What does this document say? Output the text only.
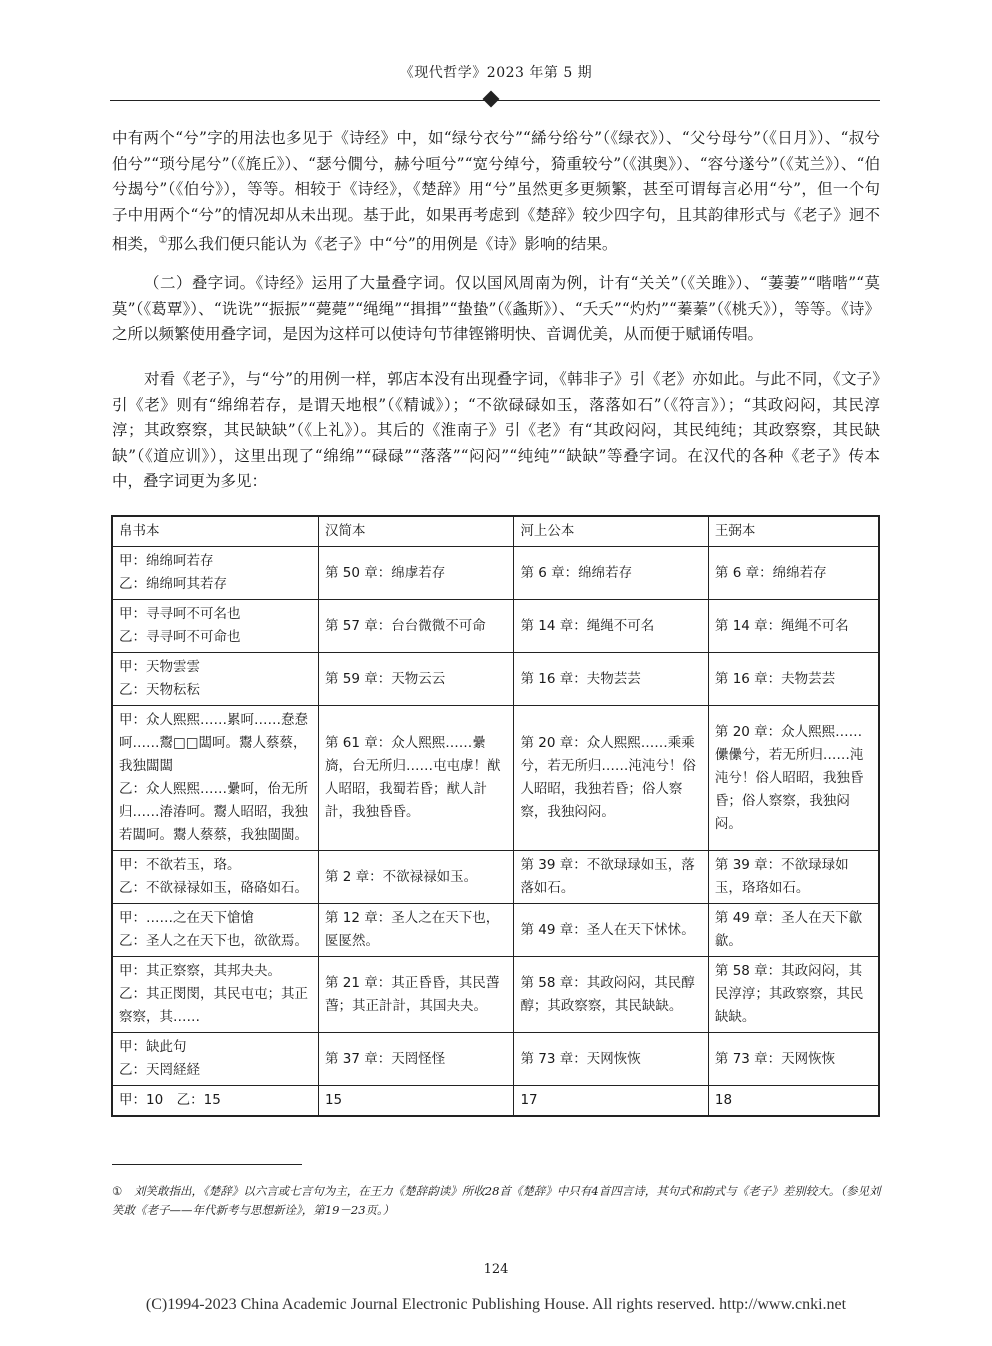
《现代哲学》2023 年第 5 期

中有两个“兮”字的用法也多见于《诗经》中，如“绿兮衣兮”“絺兮绤兮”（《绿衣》）、“父兮母兮”（《日月》）、“叔兮伯兮”“琐兮尾兮”（《旄丘》）、“瑟兮僩兮，赫兮咺兮”“宽兮绰兮，猗重较兮”（《淇奥》）、“容兮遂兮”（《芄兰》）、“伯兮朅兮”（《伯兮》），等等。相较于《诗经》，《楚辞》用“兮”虽然更多更频繁，甚至可谓每言必用“兮”，但一个句子中用两个“兮”的情况却从未出现。基于此，如果再考虑到《楚辞》较少四字句，且其韵律形式与《老子》迥不相类，①那么我们便只能认为《老子》中“兮”的用例是《诗》影响的结果。

（二）叠字词。《诗经》运用了大量叠字词。仅以国风周南为例，计有“关关”（《关雎》）、“萋萋”“喈喈”“莫莫”（《葛覃》）、“诜诜”“振振”“薨薨”“绳绳”“揖揖”“蛰蛰”（《螽斯》）、“夭夭”“灼灼”“蓁蓁”（《桃夭》），等等。《诗》之所以频繁使用叠字词，是因为这样可以使诗句节律铿锵明快、音调优美，从而便于赋诵传唱。

对看《老子》，与“兮”的用例一样，郭店本没有出现叠字词，《韩非子》引《老》亦如此。与此不同，《文子》引《老》则有“绵绵若存，是谓天地根”（《精诚》）；“不欲碌碌如玉，落落如石”（《符言》）；“其政闷闷，其民淳淳；其政察察，其民缺缺”（《上礼》）。其后的《淮南子》引《老》有“其政闷闷，其民纯纯；其政察察，其民缺缺”（《道应训》），这里出现了“绵绵”“碌碌”“落落”“闷闷”“纯纯”“缺缺”等叠字词。在汉代的各种《老子》传本中，叠字词更为多见：

帛书本	汉简本	河上公本	王弼本

甲：绵绵呵若存
乙：绵绵呵其若存	第 50 章：绵虖若存	第 6 章：绵绵若存	第 6 章：绵绵若存

甲：寻寻呵不可名也
乙：寻寻呵不可命也	第 57 章：台台微微不可命	第 14 章：绳绳不可名	第 14 章：绳绳不可名

甲：天物雲雲
乙：天物秐秐	第 59 章：天物云云	第 16 章：夫物芸芸	第 16 章：夫物芸芸

甲：众人熙熙……累呵……惷惷呵……鬻□□闆呵。鬻人蔡蔡，我独闆闆
乙：众人熙熙……纍呵，佁无所归……湷湷呵。鬻人昭昭，我独若闆呵。鬻人蔡蔡，我独閩閩。	第 61 章：众人熙熙……纍旖，台无所归……屯屯虖！猷人昭昭，我蜀若昏；猷人計計，我独昏昏。	第 20 章：众人熙熙……乘乘兮，若无所归……沌沌兮！俗人昭昭，我独若昏；俗人察察，我独闷闷。	第 20 章：众人熙熙……儽儽兮，若无所归……沌沌兮！俗人昭昭，我独昏昏；俗人察察，我独闷闷。

甲：不欲若玉，珞。
乙：不欲禄禄如玉，硌硌如石。	第 2 章：不欲禄禄如玉。	第 39 章：不欲琭琭如玉，落落如石。	第 39 章：不欲琭琭如玉，珞珞如石。

甲：……之在天下愴愴
乙：圣人之在天下也，欲欲焉。	第 12 章：圣人之在天下也，匽匽然。	第 49 章：圣人在天下怵怵。	第 49 章：圣人在天下歙歙。

甲：其正察察，其邦夬夬。
乙：其正閔閔，其民屯屯；其正察察，其……	第 21 章：其正昏昏，其民萅萅；其正計計，其国夬夬。	第 58 章：其政闷闷，其民醇醇；其政察察，其民缺缺。	第 58 章：其政闷闷，其民淳淳；其政察察，其民缺缺。

甲：缺此句
乙：天罔経経	第 37 章：天罔怪怪	第 73 章：天网恢恢	第 73 章：天网恢恢

甲：10　乙：15	15	17	18
① 刘笑敢指出，《楚辞》以六言或七言句为主，在王力《楚辞韵读》所收28首《楚辞》中只有4首四言诗，其句式和韵式与《老子》差别较大。（参见刘笑敢《老子——年代新考与思想新诠》，第19－23页。）
124
(C)1994-2023 China Academic Journal Electronic Publishing House. All rights reserved. http://www.cnki.net
